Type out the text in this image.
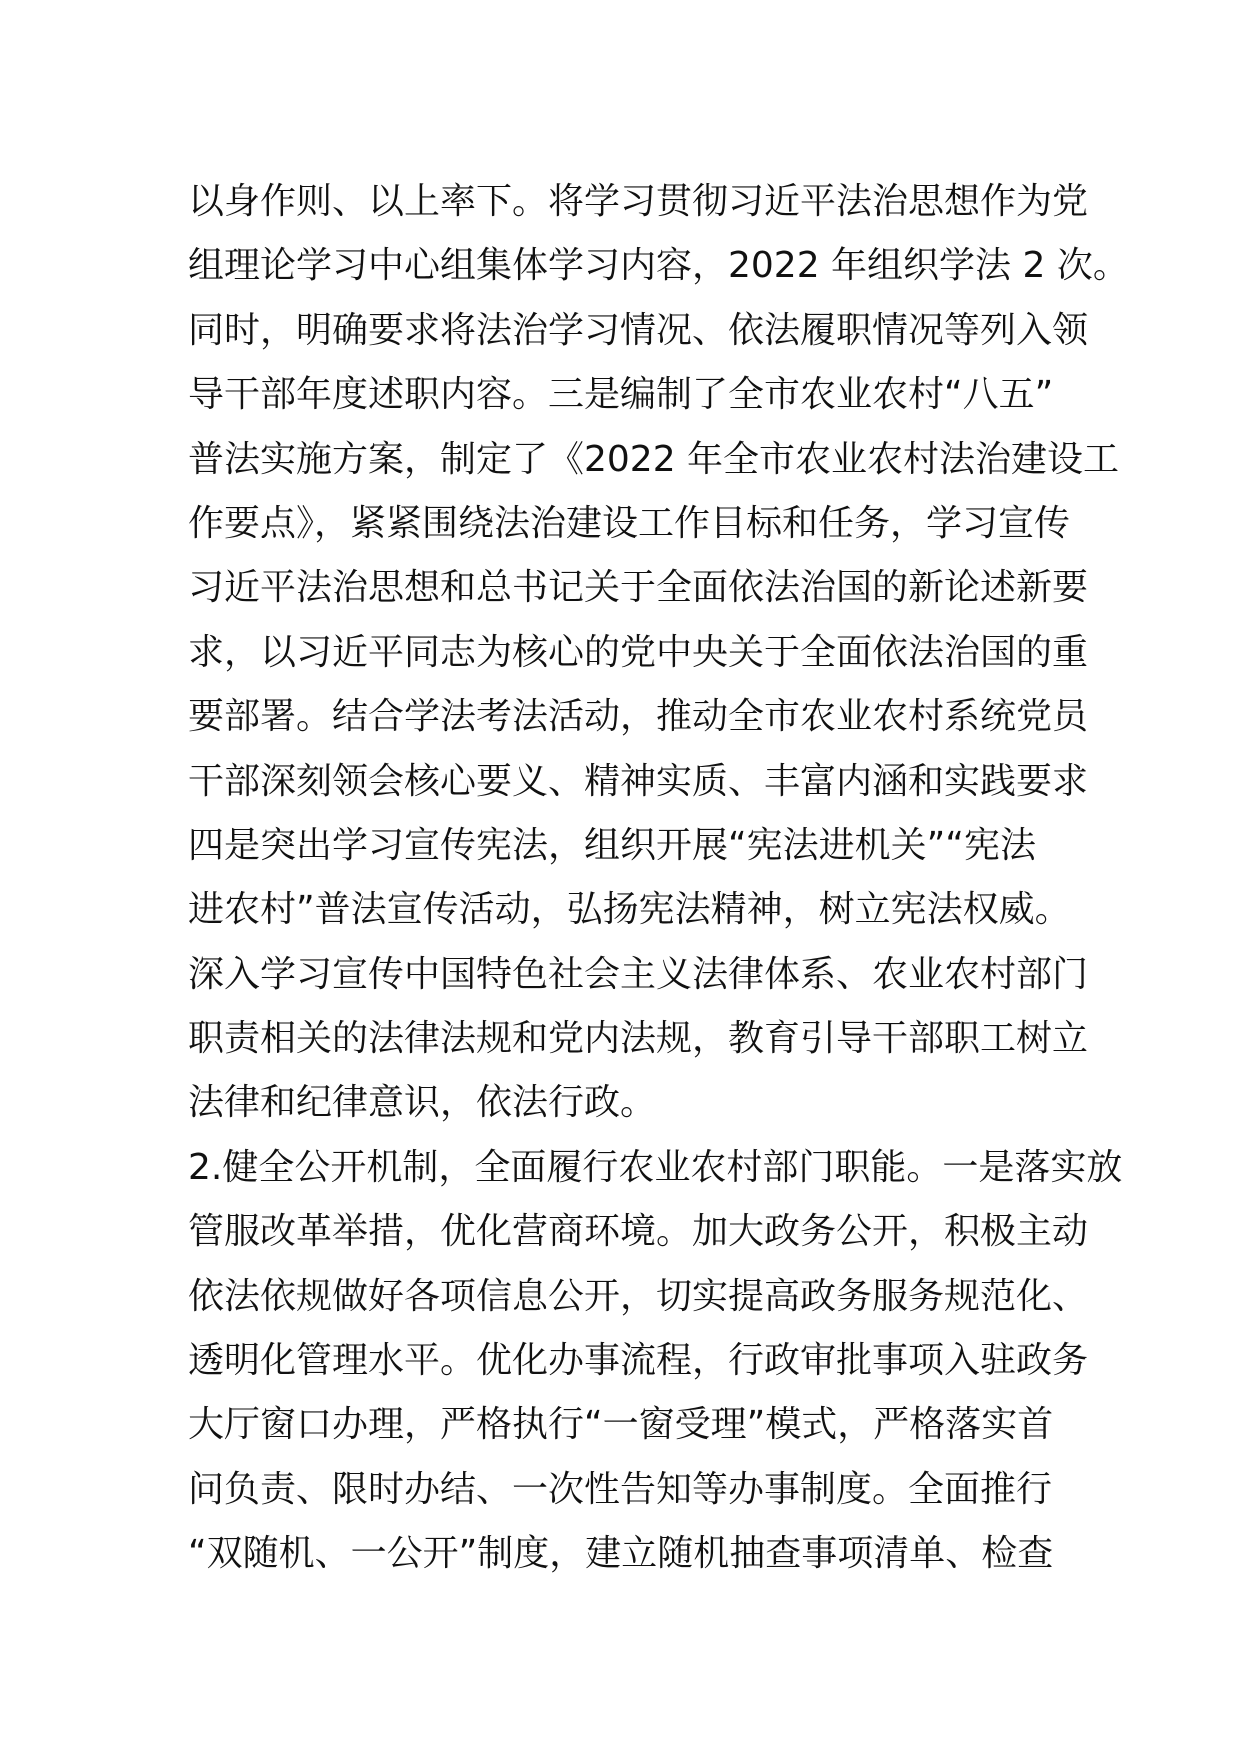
以身作则、以上率下。将学习贯彻习近平法治思想作为党
组理论学习中心组集体学习内容，2022 年组织学法 2 次。
同时，明确要求将法治学习情况、依法履职情况等列入领
导干部年度述职内容。三是编制了全市农业农村“八五”
普法实施方案，制定了《2022 年全市农业农村法治建设工
作要点》，紧紧围绕法治建设工作目标和任务，学习宣传
习近平法治思想和总书记关于全面依法治国的新论述新要
求，以习近平同志为核心的党中央关于全面依法治国的重
要部署。结合学法考法活动，推动全市农业农村系统党员
干部深刻领会核心要义、精神实质、丰富内涵和实践要求
四是突出学习宣传宪法，组织开展“宪法进机关”“宪法
进农村”普法宣传活动，弘扬宪法精神，树立宪法权威。
深入学习宣传中国特色社会主义法律体系、农业农村部门
职责相关的法律法规和党内法规，教育引导干部职工树立
法律和纪律意识，依法行政。
2.健全公开机制，全面履行农业农村部门职能。一是落实放
管服改革举措，优化营商环境。加大政务公开，积极主动
依法依规做好各项信息公开，切实提高政务服务规范化、
透明化管理水平。优化办事流程，行政审批事项入驻政务
大厅窗口办理，严格执行“一窗受理”模式，严格落实首
问负责、限时办结、一次性告知等办事制度。全面推行
“双随机、一公开”制度，建立随机抽查事项清单、检查
